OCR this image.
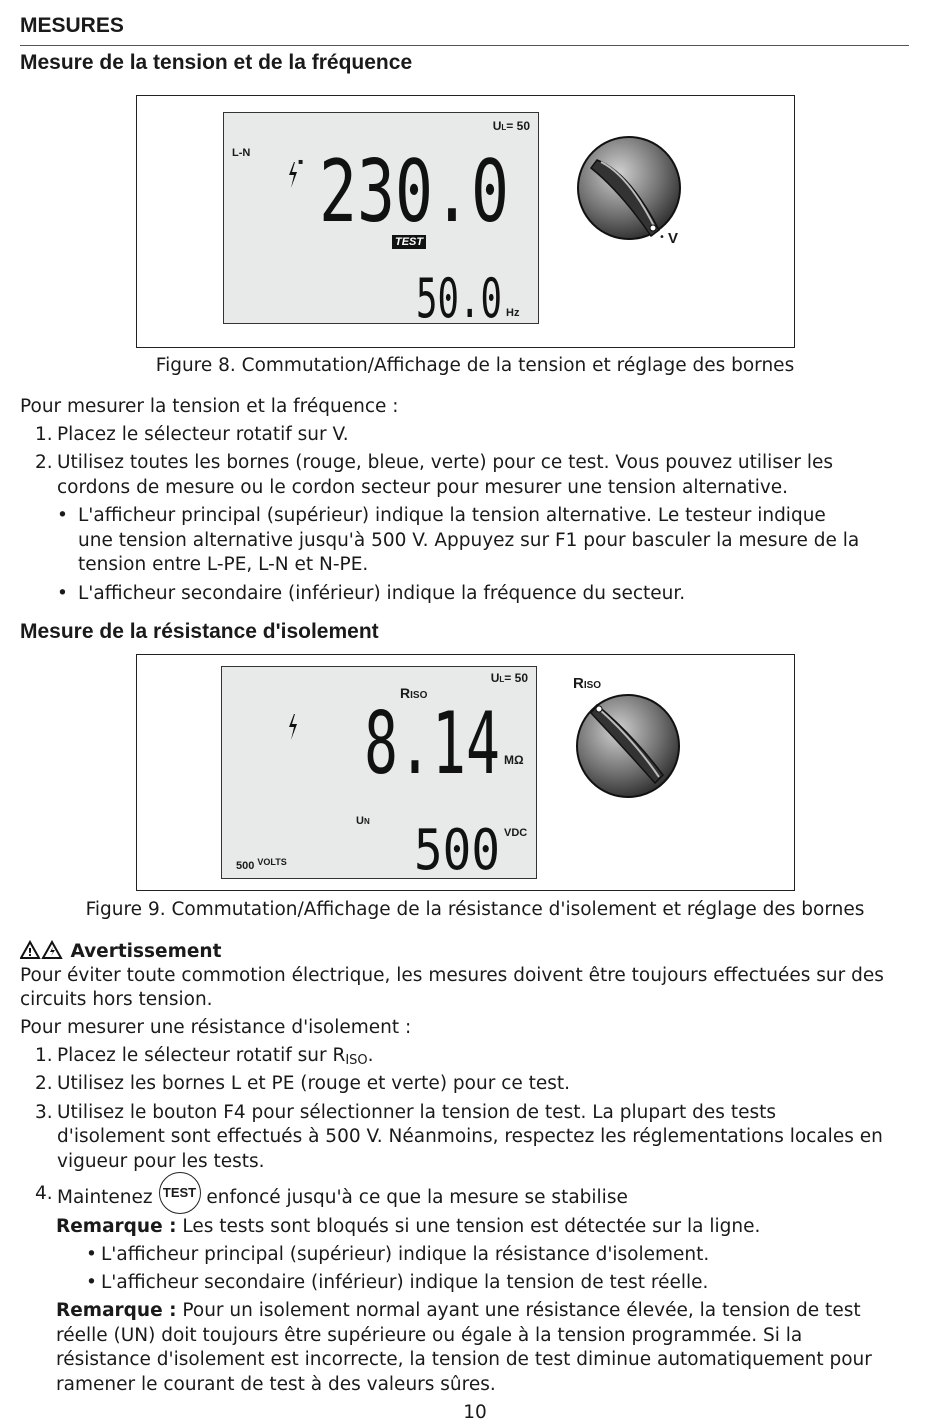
MESURES
Mesure de la tension et de la fréquence
UL= 50
L-N
▪ 230.0
TEST
50.0 Hz
• V
Figure 8. Commutation/Affichage de la tension et réglage des bornes
Pour mesurer la tension et la fréquence :
1. Placez le sélecteur rotatif sur V.
2. Utilisez toutes les bornes (rouge, bleue, verte) pour ce test. Vous pouvez utiliser les
cordons de mesure ou le cordon secteur pour mesurer une tension alternative.
• L'afficheur principal (supérieur) indique la tension alternative. Le testeur indique
une tension alternative jusqu'à 500 V. Appuyez sur F1 pour basculer la mesure de la
tension entre L-PE, L-N et N-PE.
• L'afficheur secondaire (inférieur) indique la fréquence du secteur.
Mesure de la résistance d'isolement
UL= 50
RISO
8.14 MΩ
UN 500 VDC
500 $^{VOLTS}$
RISO
Figure 9. Commutation/Affichage de la résistance d'isolement et réglage des bornes
! Avertissement
Pour éviter toute commotion électrique, les mesures doivent être toujours effectuées sur des
circuits hors tension.
Pour mesurer une résistance d'isolement :
1. Placez le sélecteur rotatif sur $R_{ISO}$.
2. Utilisez les bornes L et PE (rouge et verte) pour ce test.
3. Utilisez le bouton F4 pour sélectionner la tension de test. La plupart des tests
d'isolement sont effectués à 500 V. Néanmoins, respectez les réglementations locales en
vigueur pour les tests.
4. Maintenez TEST enfoncé jusqu'à ce que la mesure se stabilise
Remarque : Les tests sont bloqués si une tension est détectée sur la ligne.
• L'afficheur principal (supérieur) indique la résistance d'isolement.
• L'afficheur secondaire (inférieur) indique la tension de test réelle.
Remarque : Pour un isolement normal ayant une résistance élevée, la tension de test
réelle (UN) doit toujours être supérieure ou égale à la tension programmée. Si la
résistance d'isolement est incorrecte, la tension de test diminue automatiquement pour
ramener le courant de test à des valeurs sûres.
10
